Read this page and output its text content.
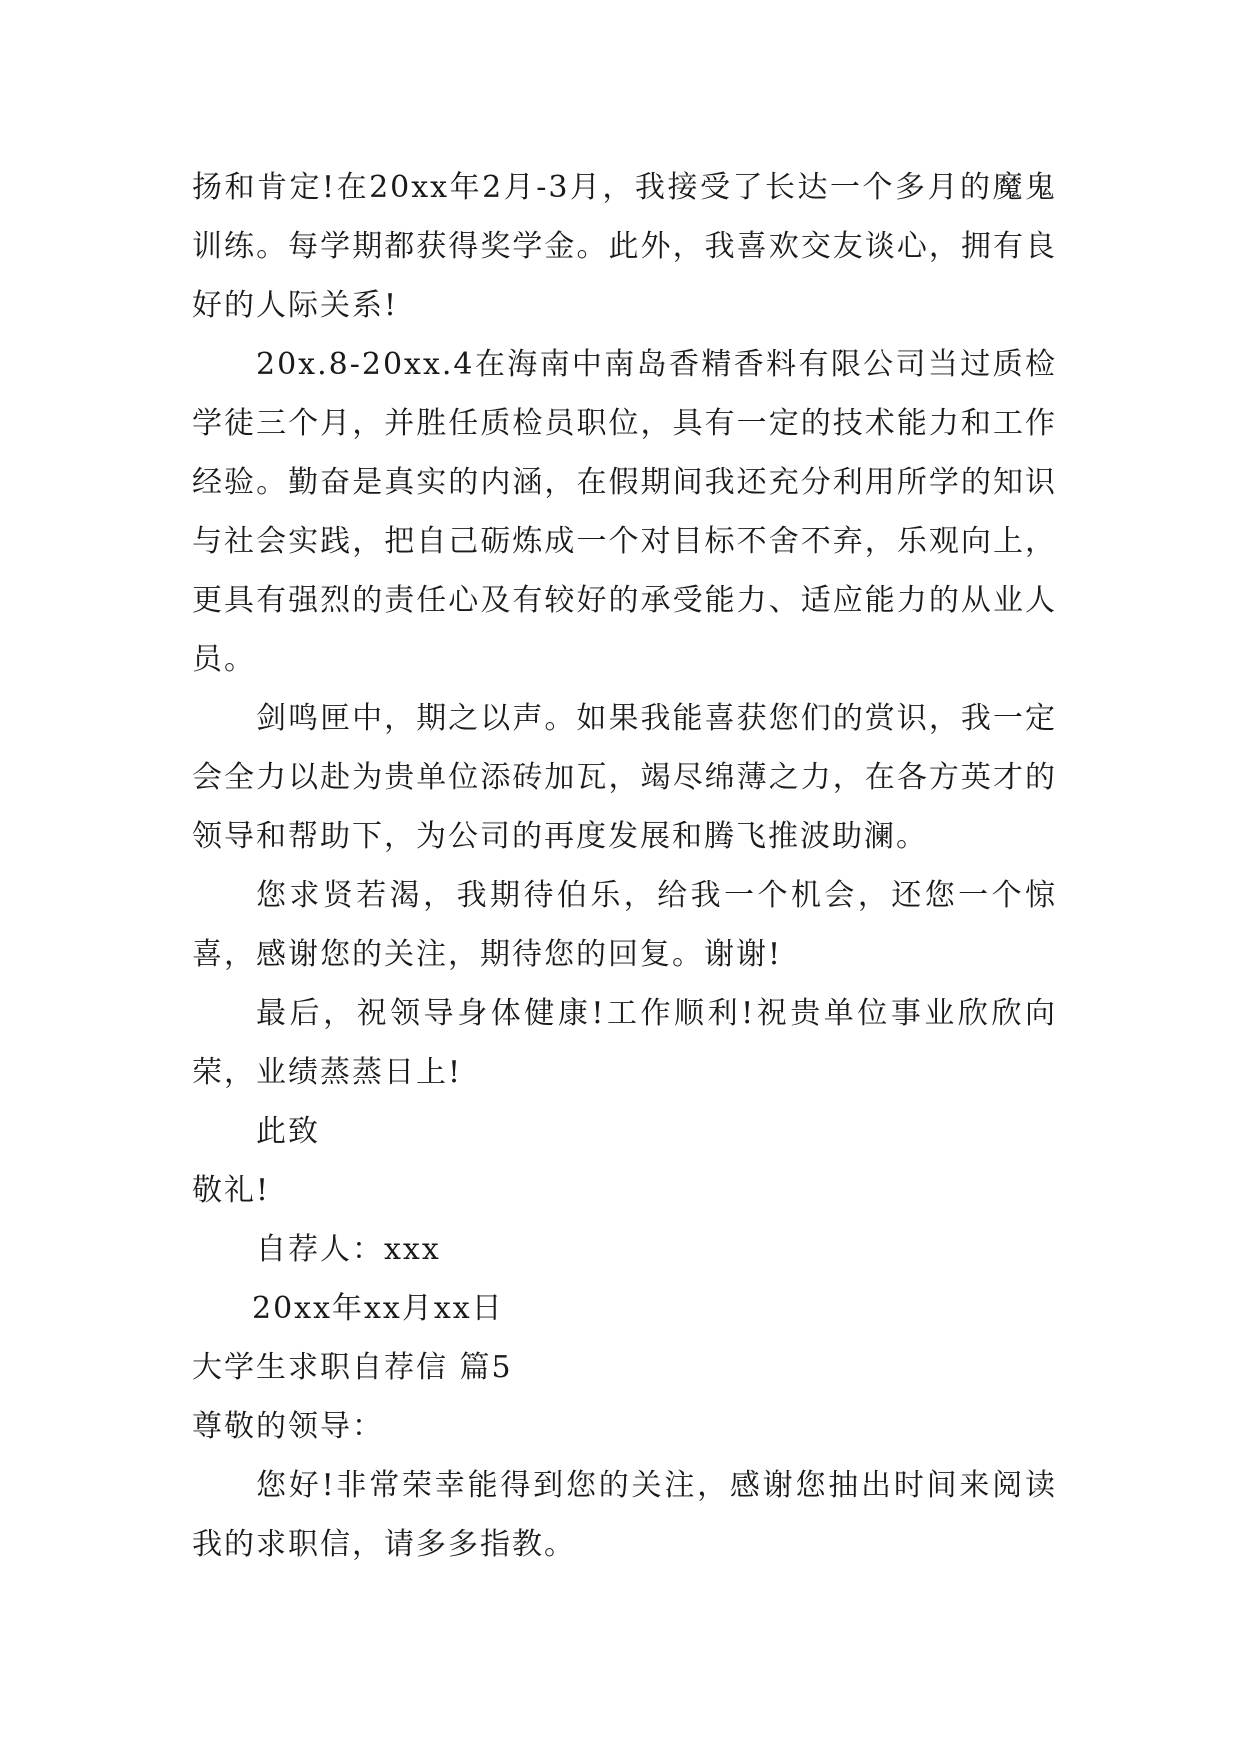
扬和肯定!在20xx年2月-3月，我接受了长达一个多月的魔鬼训练。每学期都获得奖学金。此外，我喜欢交友谈心，拥有良好的人际关系!

20x.8-20xx.4在海南中南岛香精香料有限公司当过质检学徒三个月，并胜任质检员职位，具有一定的技术能力和工作经验。勤奋是真实的内涵，在假期间我还充分利用所学的知识与社会实践，把自己砺炼成一个对目标不舍不弃，乐观向上，更具有强烈的责任心及有较好的承受能力、适应能力的从业人员。

剑鸣匣中，期之以声。如果我能喜获您们的赏识，我一定会全力以赴为贵单位添砖加瓦，竭尽绵薄之力，在各方英才的领导和帮助下，为公司的再度发展和腾飞推波助澜。

您求贤若渴，我期待伯乐，给我一个机会，还您一个惊喜，感谢您的关注，期待您的回复。谢谢!

最后，祝领导身体健康!工作顺利!祝贵单位事业欣欣向荣，业绩蒸蒸日上!

此致

敬礼!

自荐人：xxx

20xx年xx月xx日

大学生求职自荐信 篇5

尊敬的领导：

您好!非常荣幸能得到您的关注，感谢您抽出时间来阅读我的求职信，请多多指教。
